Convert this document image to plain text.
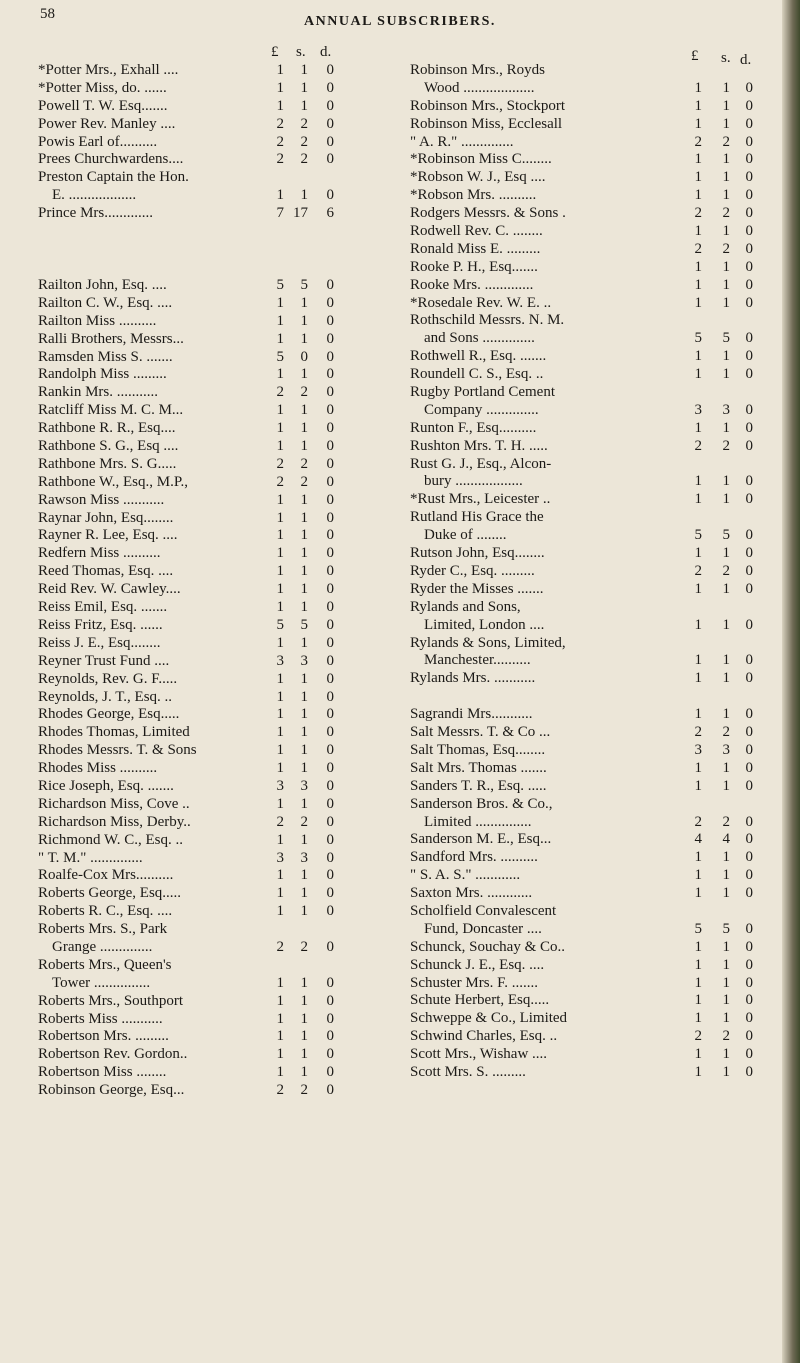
58	ANNUAL SUBSCRIBERS.
£ s. d.
*Potter Mrs., Exhall ....	1	1	0
*Potter Miss, do. ......	1	1	0
Powell T. W. Esq.......	1	1	0
Power Rev. Manley ....	2	2	0
Powis Earl of..........	2	2	0
Prees Churchwardens....	2	2	0
Preston Captain the Hon.
E. ..................	1	1	0
Prince Mrs.............	7 17	6
Railton John, Esq. ....	5	5	0
Railton C. W., Esq. ....	1	1	0
Railton Miss ..........	1	1	0
Ralli Brothers, Messrs...	1	1	0
Ramsden Miss S. .......	5	0	0
Randolph Miss .........	1	1	0
Rankin Mrs. ...........	2	2	0
Ratcliff Miss M. C. M...	1	1	0
Rathbone R. R., Esq....	1	1	0
Rathbone S. G., Esq ....	1	1	0
Rathbone Mrs. S. G.....	2	2	0
Rathbone W., Esq., M.P.,	2	2	0
Rawson Miss ...........	1	1	0
Raynar John, Esq........	1	1	0
Rayner R. Lee, Esq. ....	1	1	0
Redfern Miss ..........	1	1	0
Reed Thomas, Esq. ....	1	1	0
Reid Rev. W. Cawley....	1	1	0
Reiss Emil, Esq. .......	1	1	0
Reiss Fritz, Esq. ......	5	5	0
Reiss J. E., Esq........	1	1	0
Reyner Trust Fund ....	3	3	0
Reynolds, Rev. G. F.....	1	1	0
Reynolds, J. T., Esq. ..	1	1	0
Rhodes George, Esq.....	1	1	0
Rhodes Thomas, Limited	1	1	0
Rhodes Messrs. T. & Sons	1	1	0
Rhodes Miss ..........	1	1	0
Rice Joseph, Esq. .......	3	3	0
Richardson Miss, Cove ..	1	1	0
Richardson Miss, Derby..	2	2	0
Richmond W. C., Esq. ..	1	1	0
" T. M." ..............	3	3	0
Roalfe-Cox Mrs..........	1	1	0
Roberts George, Esq.....	1	1	0
Roberts R. C., Esq. ....	1	1	0
Roberts Mrs. S., Park
Grange ..............	2	2	0
Roberts Mrs., Queen's
Tower ...............	1	1	0
Roberts Mrs., Southport	1	1	0
Roberts Miss ...........	1	1	0
Robertson Mrs. .........	1	1	0
Robertson Rev. Gordon..	1	1	0
Robertson Miss ........	1	1	0
Robinson George, Esq...	2	2	0
£ s. d.
Robinson Mrs., Royds
Wood ...................	1	1	0
Robinson Mrs., Stockport	1	1	0
Robinson Miss, Ecclesall	1	1	0
" A. R." ..............	2	2	0
*Robinson Miss C........	1	1	0
*Robson W. J., Esq ....	1	1	0
*Robson Mrs. ..........	1	1	0
Rodgers Messrs. & Sons .	2	2	0
Rodwell Rev. C. ........	1	1	0
Ronald Miss E. .........	2	2	0
Rooke P. H., Esq.......	1	1	0
Rooke Mrs. .............	1	1	0
*Rosedale Rev. W. E. ..	1	1	0
Rothschild Messrs. N. M.
and Sons ..............	5	5	0
Rothwell R., Esq. .......	1	1	0
Roundell C. S., Esq. ..	1	1	0
Rugby Portland Cement
Company ..............	3	3	0
Runton F., Esq..........	1	1	0
Rushton Mrs. T. H. .....	2	2	0
Rust G. J., Esq., Alcon-
bury ..................	1	1	0
*Rust Mrs., Leicester ..	1	1	0
Rutland His Grace the
Duke of ........	5	5	0
Rutson John, Esq........	1	1	0
Ryder C., Esq. .........	2	2	0
Ryder the Misses .......	1	1	0
Rylands and Sons,
Limited, London ....	1	1	0
Rylands & Sons, Limited,
Manchester..........	1	1	0
Rylands Mrs. ...........	1	1	0
Sagrandi Mrs...........	1	1	0
Salt Messrs. T. & Co ...	2	2	0
Salt Thomas, Esq........	3	3	0
Salt Mrs. Thomas .......	1	1	0
Sanders T. R., Esq. .....	1	1	0
Sanderson Bros. & Co.,
Limited ...............	2	2	0
Sanderson M. E., Esq...	4	4	0
Sandford Mrs. ..........	1	1	0
" S. A. S." ............	1	1	0
Saxton Mrs. ............	1	1	0
Scholfield Convalescent
Fund, Doncaster ....	5	5	0
Schunck, Souchay & Co..	1	1	0
Schunck J. E., Esq. ....	1	1	0
Schuster Mrs. F. .......	1	1	0
Schute Herbert, Esq.....	1	1	0
Schweppe & Co., Limited	1	1	0
Schwind Charles, Esq. ..	2	2	0
Scott Mrs., Wishaw ....	1	1	0
Scott Mrs. S. .........	1	1	0
